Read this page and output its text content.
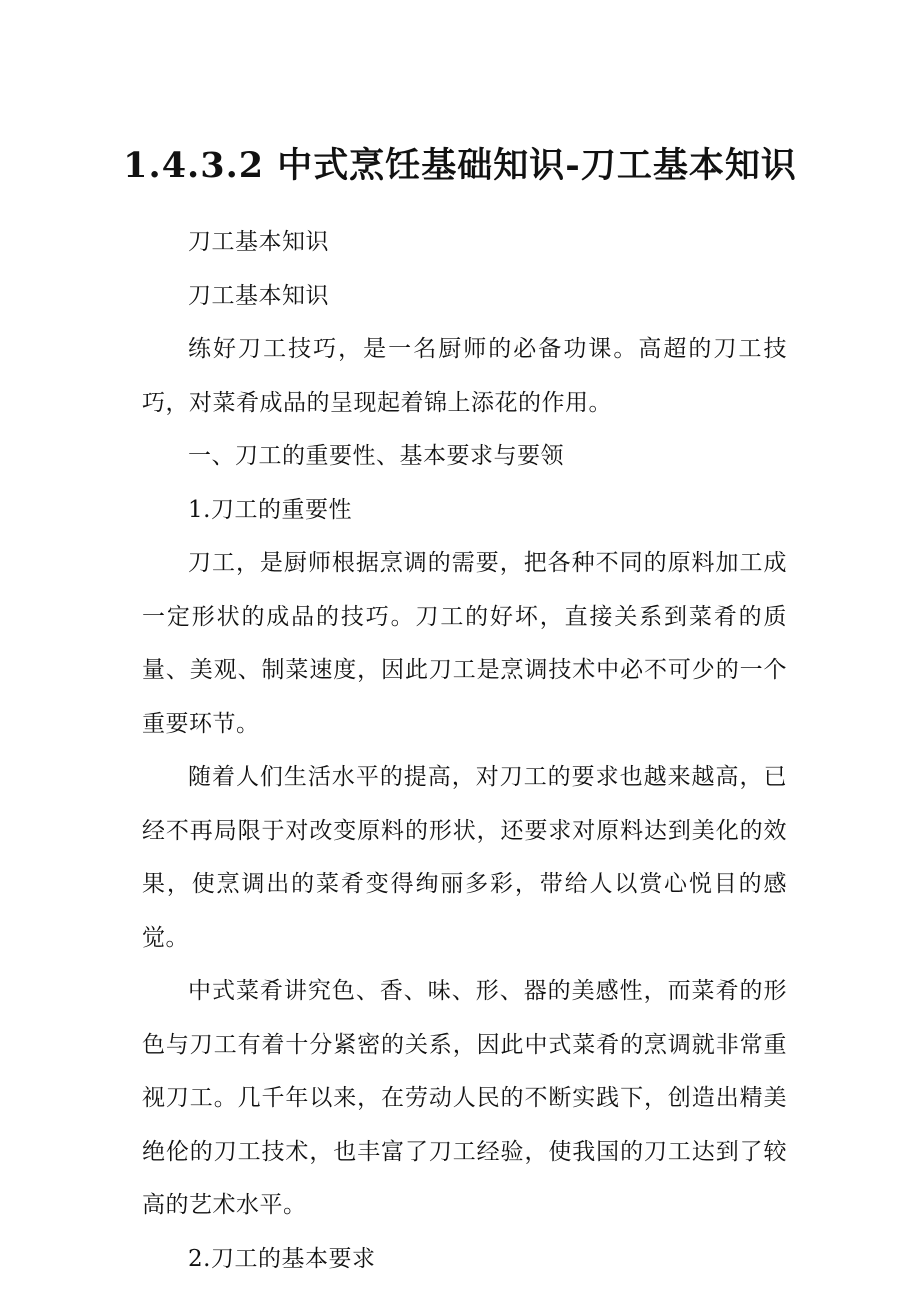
1.4.3.2 中式烹饪基础知识-刀工基本知识

刀工基本知识

刀工基本知识

练好刀工技巧，是一名厨师的必备功课。高超的刀工技巧，对菜肴成品的呈现起着锦上添花的作用。

一、刀工的重要性、基本要求与要领

1.刀工的重要性

刀工，是厨师根据烹调的需要，把各种不同的原料加工成一定形状的成品的技巧。刀工的好坏，直接关系到菜肴的质量、美观、制菜速度，因此刀工是烹调技术中必不可少的一个重要环节。

随着人们生活水平的提高，对刀工的要求也越来越高，已经不再局限于对改变原料的形状，还要求对原料达到美化的效果，使烹调出的菜肴变得绚丽多彩，带给人以赏心悦目的感觉。

中式菜肴讲究色、香、味、形、器的美感性，而菜肴的形色与刀工有着十分紧密的关系，因此中式菜肴的烹调就非常重视刀工。几千年以来，在劳动人民的不断实践下，创造出精美绝伦的刀工技术，也丰富了刀工经验，使我国的刀工达到了较高的艺术水平。

2.刀工的基本要求
